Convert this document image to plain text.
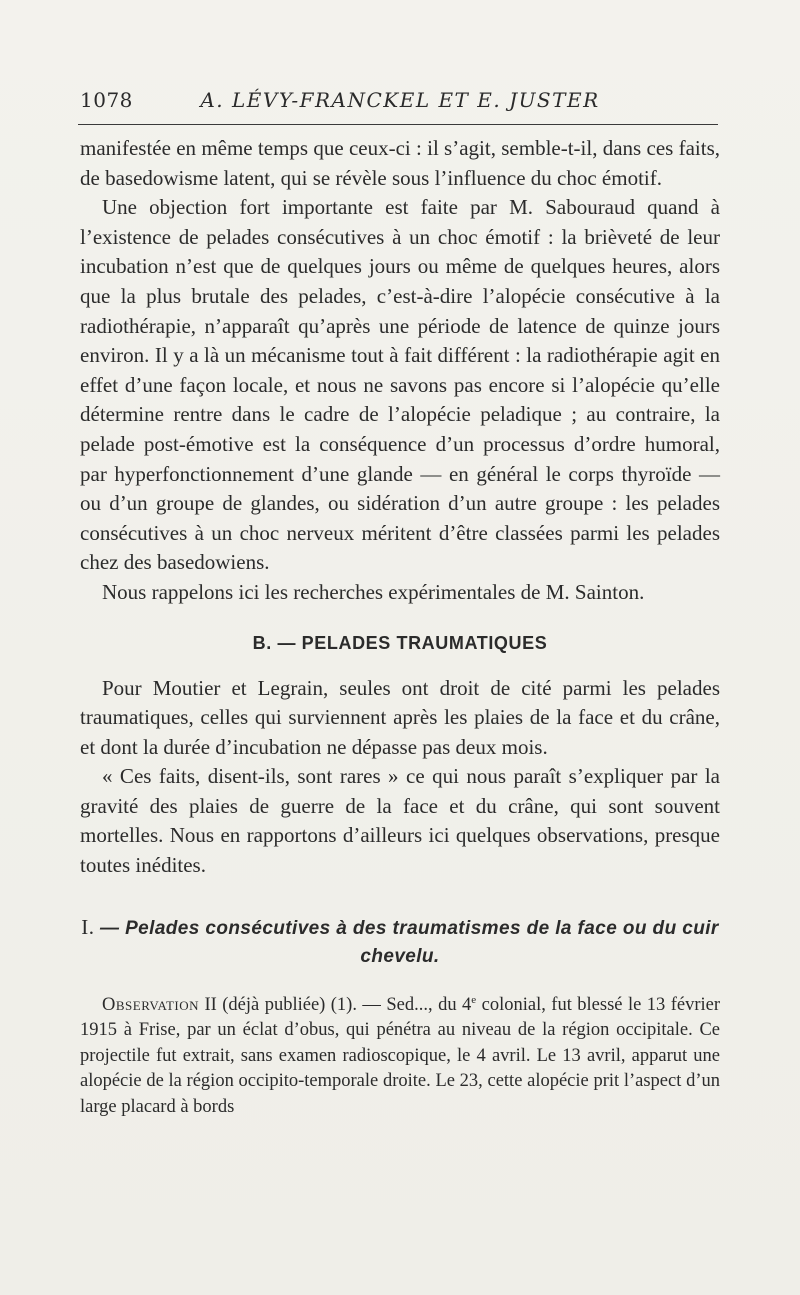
1078	A. LÉVY-FRANCKEL ET E. JUSTER

manifestée en même temps que ceux-ci : il s’agit, semble-t-il, dans ces faits, de basedowisme latent, qui se révèle sous l’influence du choc émotif.

Une objection fort importante est faite par M. Sabouraud quand à l’existence de pelades consécutives à un choc émotif : la brièveté de leur incubation n’est que de quelques jours ou même de quelques heures, alors que la plus brutale des pelades, c’est-à-dire l’alopécie consécutive à la radiothérapie, n’apparaît qu’après une période de latence de quinze jours environ. Il y a là un mécanisme tout à fait différent : la radiothérapie agit en effet d’une façon locale, et nous ne savons pas encore si l’alopécie qu’elle détermine rentre dans le cadre de l’alopécie peladique ; au contraire, la pelade post-émotive est la conséquence d’un processus d’ordre humoral, par hyperfonctionnement d’une glande — en général le corps thyroïde — ou d’un groupe de glandes, ou sidération d’un autre groupe : les pelades consécutives à un choc nerveux méritent d’être classées parmi les pelades chez des basedowiens.

Nous rappelons ici les recherches expérimentales de M. Sainton.

B. — PELADES TRAUMATIQUES

Pour Moutier et Legrain, seules ont droit de cité parmi les pelades traumatiques, celles qui surviennent après les plaies de la face et du crâne, et dont la durée d’incubation ne dépasse pas deux mois.

« Ces faits, disent-ils, sont rares » ce qui nous paraît s’expliquer par la gravité des plaies de guerre de la face et du crâne, qui sont souvent mortelles. Nous en rapportons d’ailleurs ici quelques observations, presque toutes inédites.

I. — Pelades consécutives à des traumatismes de la face ou du cuir chevelu.

Observation II (déjà publiée) (1). — Sed..., du 4e colonial, fut blessé le 13 février 1915 à Frise, par un éclat d’obus, qui pénétra au niveau de la région occipitale. Ce projectile fut extrait, sans examen radioscopique, le 4 avril. Le 13 avril, apparut une alopécie de la région occipito-temporale droite. Le 23, cette alopécie prit l’aspect d’un large placard à bords
